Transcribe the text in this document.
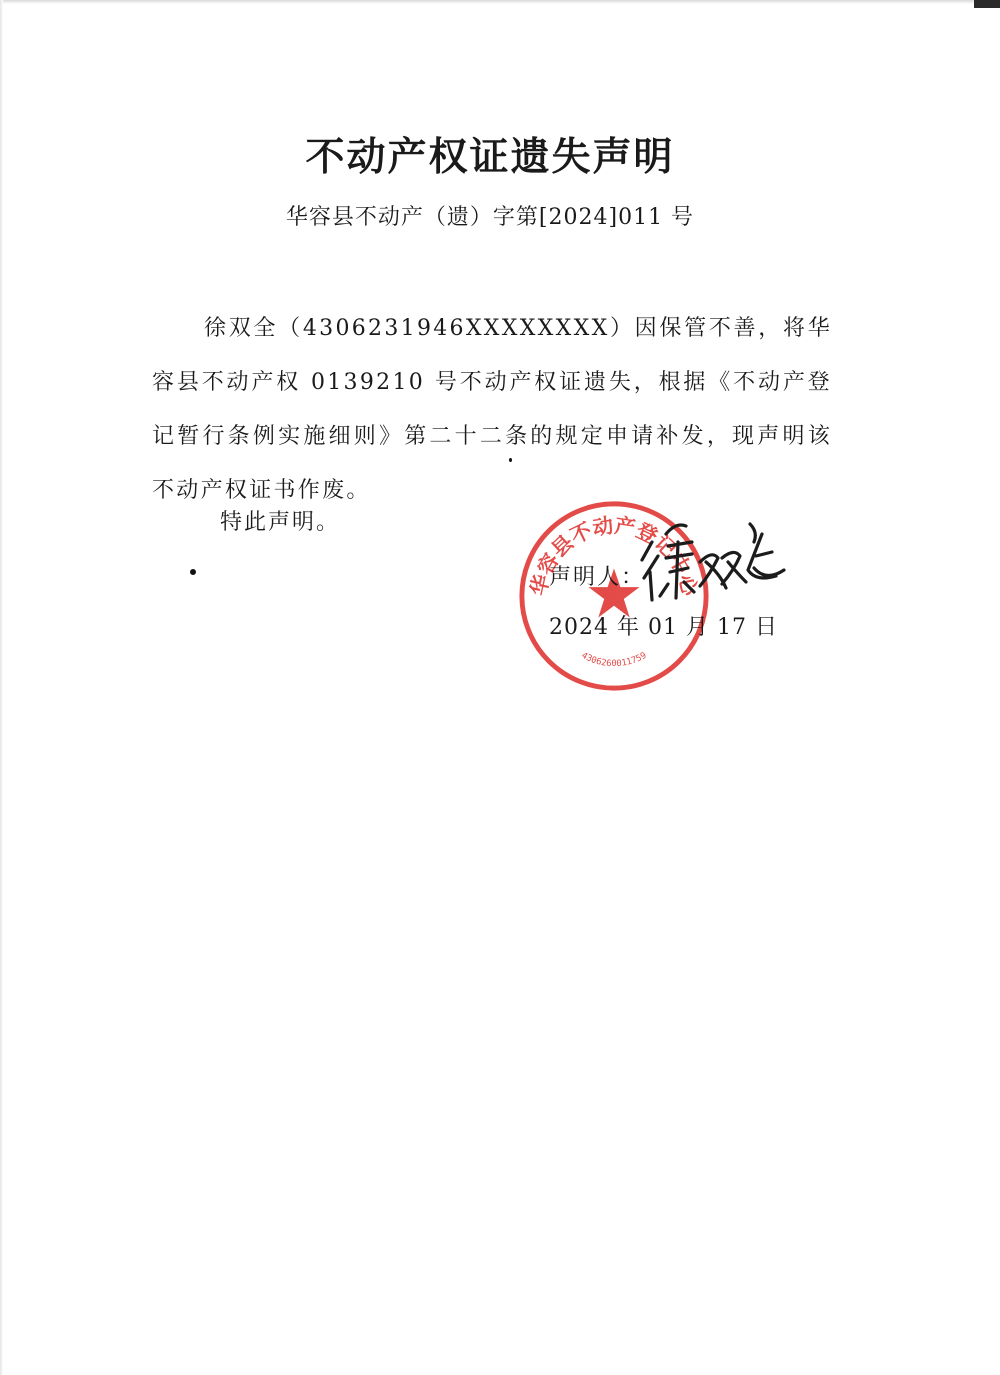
不动产权证遗失声明
华容县不动产（遗）字第[2024]011 号

徐双全（4306231946XXXXXXXX）因保管不善，将华容县不动产权 0139210 号不动产权证遗失，根据《不动产登记暂行条例实施细则》第二十二条的规定申请补发，现声明该不动产权证书作废。

特此声明。
华容县不动产登记中心
4306260011759
声明人：
2024 年 01 月 17 日
